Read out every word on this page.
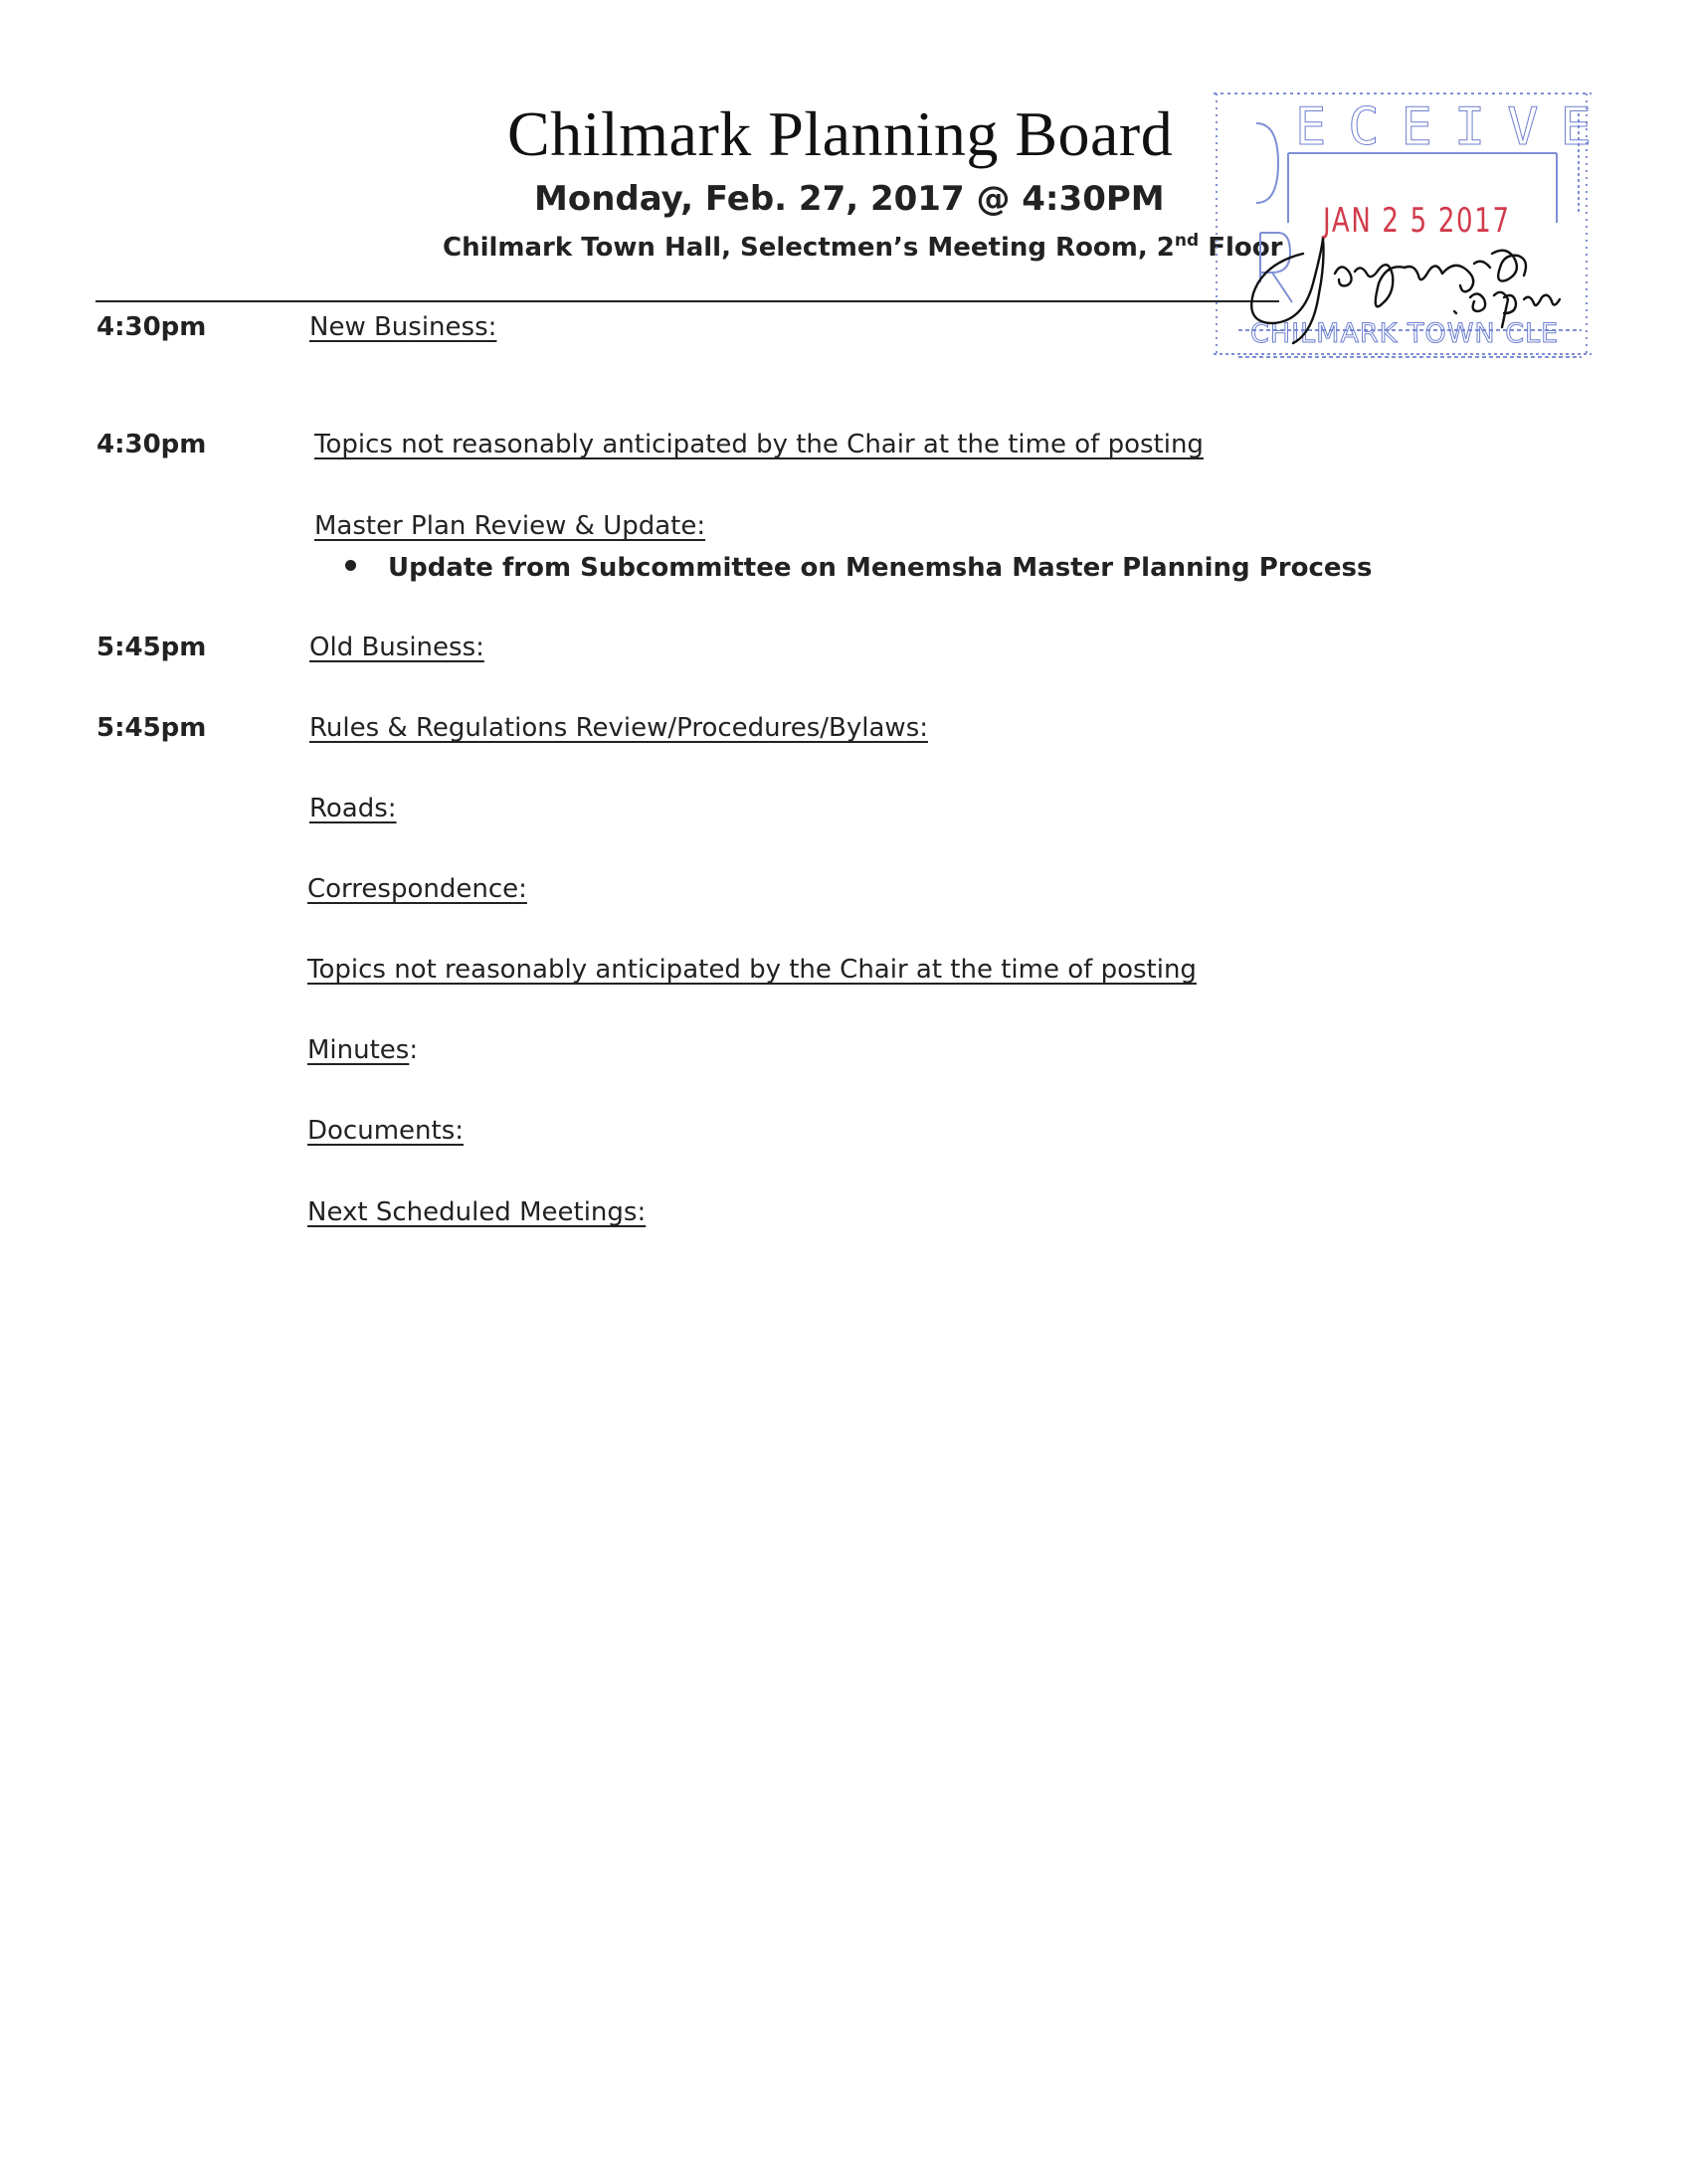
Chilmark Planning Board
Monday, Feb. 27, 2017 @ 4:30PM
Chilmark Town Hall, Selectmen’s Meeting Room, 2nd Floor
4:30pm	New Business:
4:30pm	Topics not reasonably anticipated by the Chair at the time of posting
Master Plan Review & Update:
Update from Subcommittee on Menemsha Master Planning Process
5:45pm	Old Business:
5:45pm	Rules & Regulations Review/Procedures/Bylaws:
Roads:
Correspondence:
Topics not reasonably anticipated by the Chair at the time of posting
Minutes:
Documents:
Next Scheduled Meetings:
ECEIVE
JAN 2 5 2017
CHILMARK TOWN CLE
